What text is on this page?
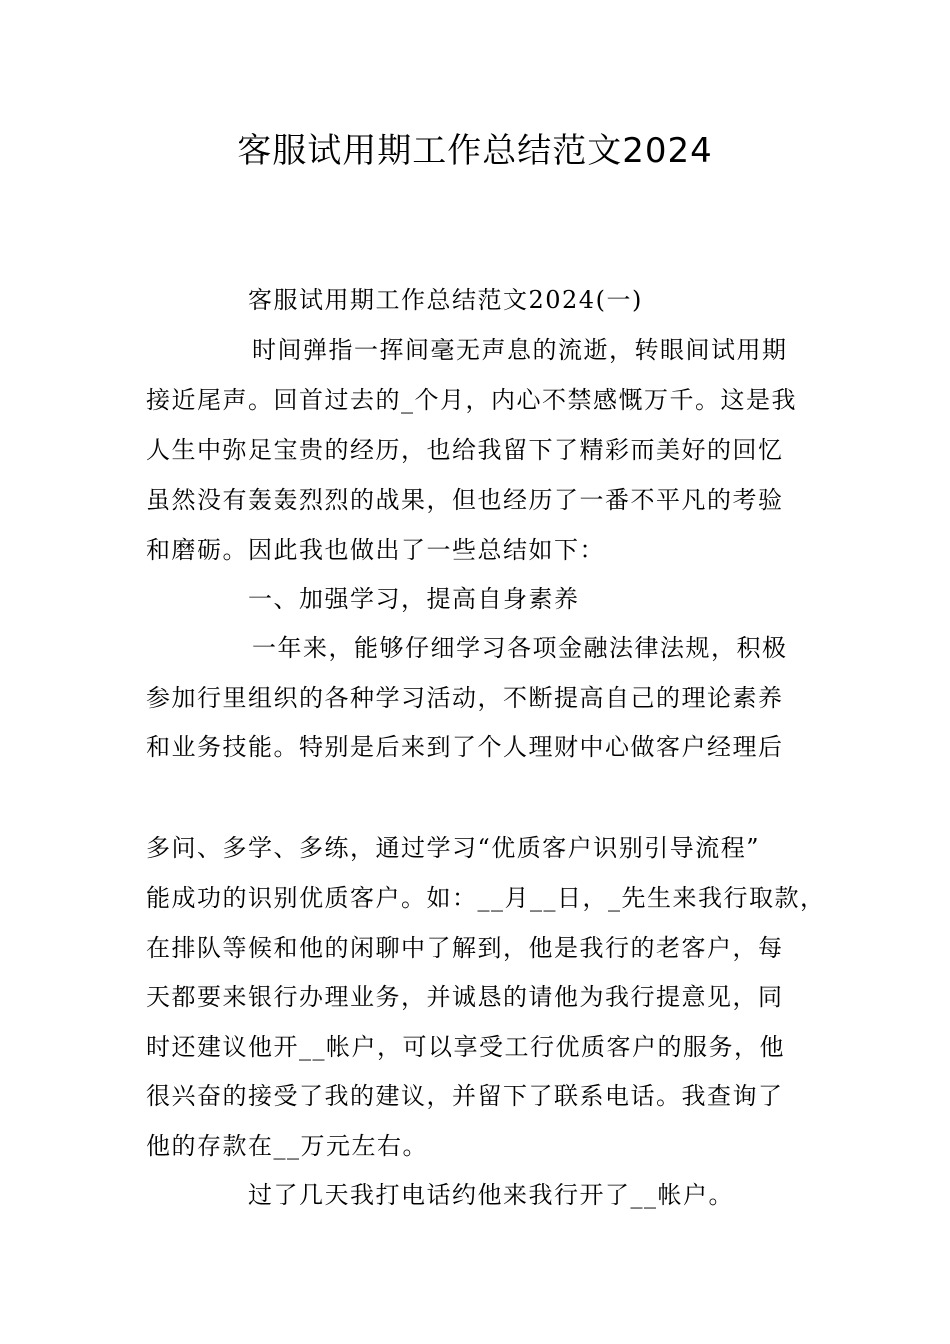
客服试用期工作总结范文2024
客服试用期工作总结范文2024(一)
时间弹指一挥间毫无声息的流逝，转眼间试用期
接近尾声。回首过去的_个月，内心不禁感慨万千。这是我
人生中弥足宝贵的经历，也给我留下了精彩而美好的回忆
虽然没有轰轰烈烈的战果，但也经历了一番不平凡的考验
和磨砺。因此我也做出了一些总结如下：
一、加强学习，提高自身素养
一年来，能够仔细学习各项金融法律法规，积极
参加行里组织的各种学习活动，不断提高自己的理论素养
和业务技能。特别是后来到了个人理财中心做客户经理后
多问、多学、多练，通过学习“优质客户识别引导流程”
能成功的识别优质客户。如：__月__日，_先生来我行取款，
在排队等候和他的闲聊中了解到，他是我行的老客户，每
天都要来银行办理业务，并诚恳的请他为我行提意见，同
时还建议他开__帐户，可以享受工行优质客户的服务，他
很兴奋的接受了我的建议，并留下了联系电话。我查询了
他的存款在__万元左右。
过了几天我打电话约他来我行开了__帐户。
